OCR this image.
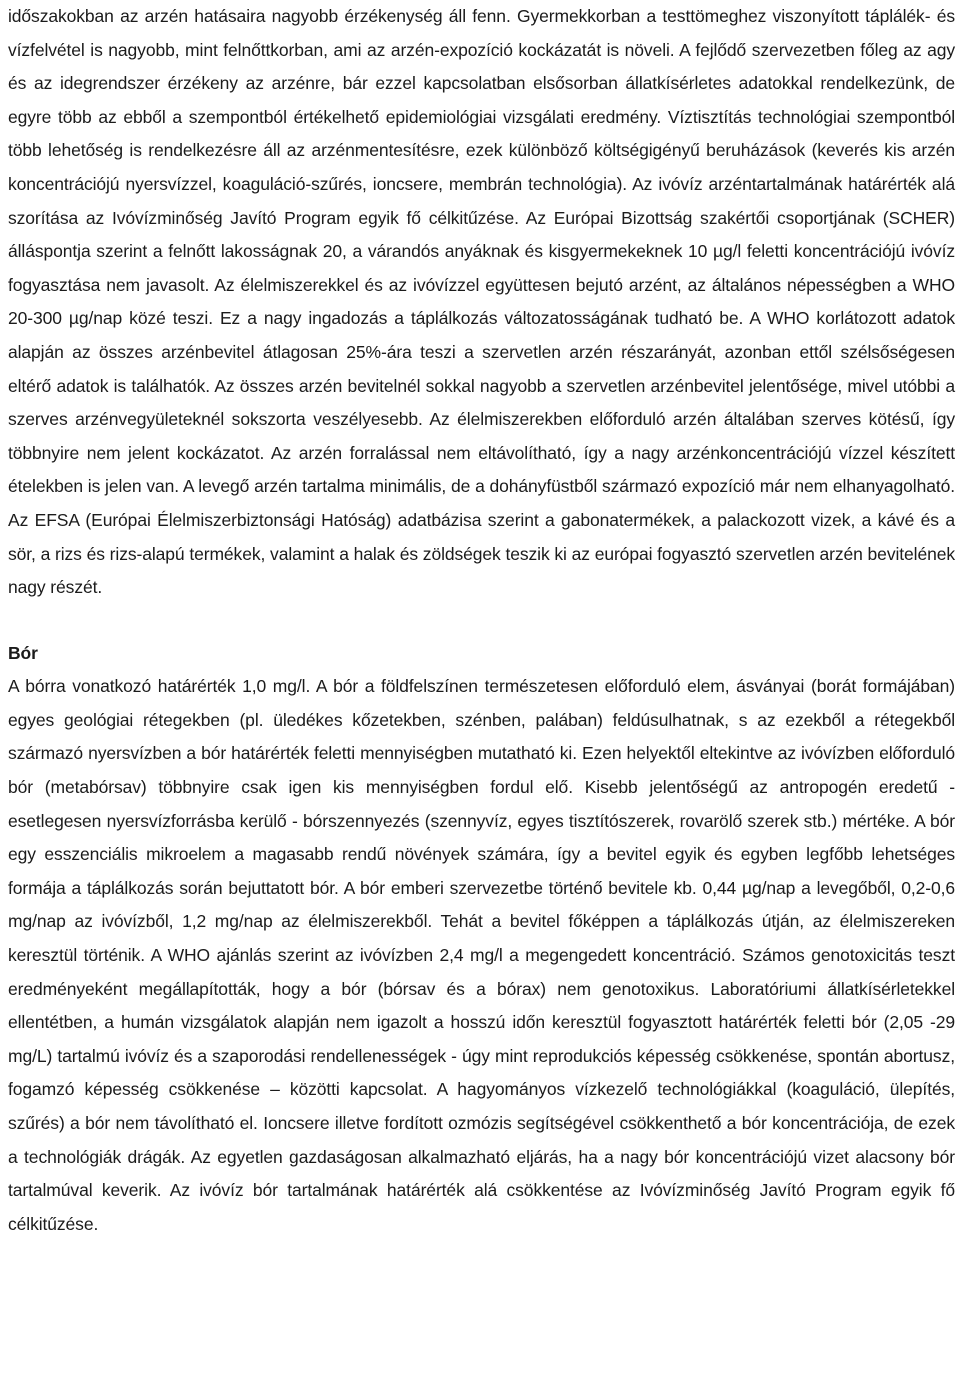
időszakokban az arzén hatásaira nagyobb érzékenység áll fenn. Gyermekkorban a testtömeghez viszonyított táplálék- és vízfelvétel is nagyobb, mint felnőttkorban, ami az arzén-expozíció kockázatát is növeli. A fejlődő szervezetben főleg az agy és az idegrendszer érzékeny az arzénre, bár ezzel kapcsolatban elsősorban állatkísérletes adatokkal rendelkezünk, de egyre több az ebből a szempontból értékelhető epidemiológiai vizsgálati eredmény. Víztisztítás technológiai szempontból több lehetőség is rendelkezésre áll az arzénmentesítésre, ezek különböző költségigényű beruházások (keverés kis arzén koncentrációjú nyersvízzel, koaguláció-szűrés, ioncsere, membrán technológia). Az ivóvíz arzéntartalmának határérték alá szorítása az Ivóvízminőség Javító Program egyik fő célkitűzése. Az Európai Bizottság szakértői csoportjának (SCHER) álláspontja szerint a felnőtt lakosságnak 20, a várandós anyáknak és kisgyermekeknek 10 µg/l feletti koncentrációjú ivóvíz fogyasztása nem javasolt. Az élelmiszerekkel és az ivóvízzel együttesen bejutó arzént, az általános népességben a WHO 20-300 µg/nap közé teszi. Ez a nagy ingadozás a táplálkozás változatosságának tudható be. A WHO korlátozott adatok alapján az összes arzénbevitel átlagosan 25%-ára teszi a szervetlen arzén részarányát, azonban ettől szélsőségesen eltérő adatok is találhatók. Az összes arzén bevitelnél sokkal nagyobb a szervetlen arzénbevitel jelentősége, mivel utóbbi a szerves arzénvegyületeknél sokszorta veszélyesebb. Az élelmiszerekben előforduló arzén általában szerves kötésű, így többnyire nem jelent kockázatot. Az arzén forralással nem eltávolítható, így a nagy arzénkoncentrációjú vízzel készített ételekben is jelen van. A levegő arzén tartalma minimális, de a dohányfüstből származó expozíció már nem elhanyagolható. Az EFSA (Európai Élelmiszerbiztonsági Hatóság) adatbázisa szerint a gabonatermékek, a palackozott vizek, a kávé és a sör, a rizs és rizs-alapú termékek, valamint a halak és zöldségek teszik ki az európai fogyasztó szervetlen arzén bevitelének nagy részét.

Bór

A bórra vonatkozó határérték 1,0 mg/l. A bór a földfelszínen természetesen előforduló elem, ásványai (borát formájában) egyes geológiai rétegekben (pl. üledékes kőzetekben, szénben, palában) feldúsulhatnak, s az ezekből a rétegekből származó nyersvízben a bór határérték feletti mennyiségben mutatható ki. Ezen helyektől eltekintve az ivóvízben előforduló bór (metabórsav) többnyire csak igen kis mennyiségben fordul elő. Kisebb jelentőségű az antropogén eredetű - esetlegesen nyersvízforrásba kerülő - bórszennyezés (szennyvíz, egyes tisztítószerek, rovarölő szerek stb.) mértéke. A bór egy esszenciális mikroelem a magasabb rendű növények számára, így a bevitel egyik és egyben legfőbb lehetséges formája a táplálkozás során bejuttatott bór. A bór emberi szervezetbe történő bevitele kb. 0,44 µg/nap a levegőből, 0,2-0,6 mg/nap az ivóvízből, 1,2 mg/nap az élelmiszerekből. Tehát a bevitel főképpen a táplálkozás útján, az élelmiszereken keresztül történik. A WHO ajánlás szerint az ivóvízben 2,4 mg/l a megengedett koncentráció. Számos genotoxicitás teszt eredményeként megállapították, hogy a bór (bórsav és a bórax) nem genotoxikus. Laboratóriumi állatkísérletekkel ellentétben, a humán vizsgálatok alapján nem igazolt a hosszú időn keresztül fogyasztott határérték feletti bór (2,05 -29 mg/L) tartalmú ivóvíz és a szaporodási rendellenességek - úgy mint reprodukciós képesség csökkenése, spontán abortusz, fogamzó képesség csökkenése – közötti kapcsolat. A hagyományos vízkezelő technológiákkal (koaguláció, ülepítés, szűrés) a bór nem távolítható el. Ioncsere illetve fordított ozmózis segítségével csökkenthető a bór koncentrációja, de ezek a technológiák drágák. Az egyetlen gazdaságosan alkalmazható eljárás, ha a nagy bór koncentrációjú vizet alacsony bór tartalmúval keverik. Az ivóvíz bór tartalmának határérték alá csökkentése az Ivóvízminőség Javító Program egyik fő célkitűzése.
